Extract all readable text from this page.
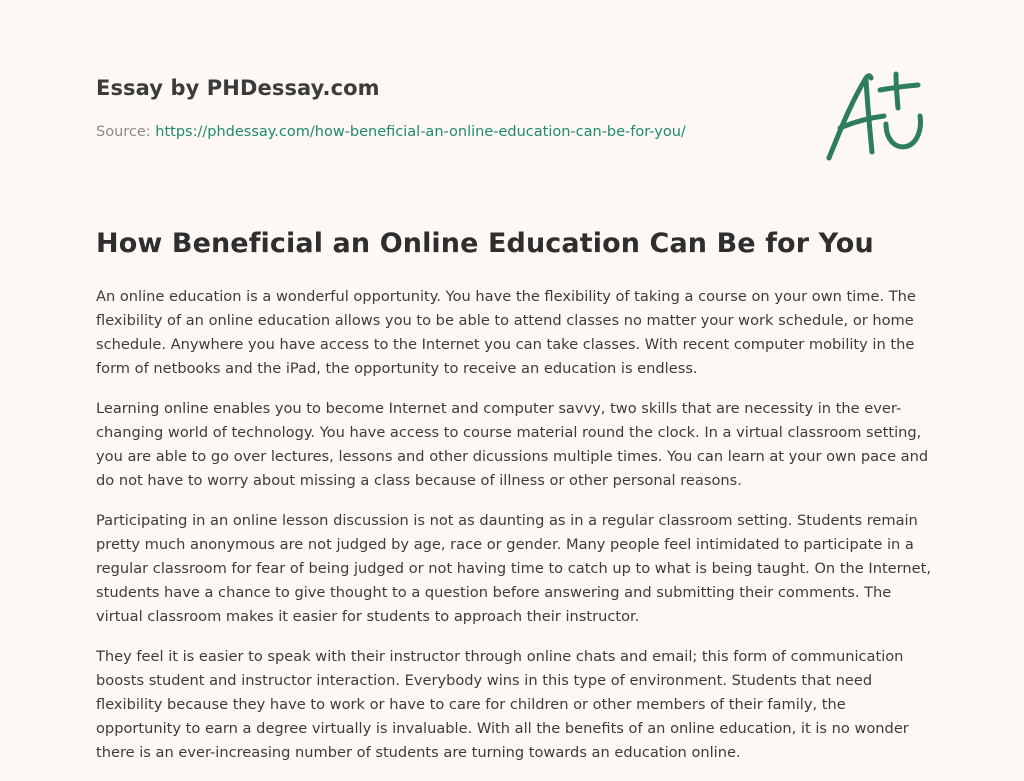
Essay by PHDessay.com
Source: https://phdessay.com/how-beneficial-an-online-education-can-be-for-you/
How Beneficial an Online Education Can Be for You

An online education is a wonderful opportunity. You have the flexibility of taking a course on your own time. The flexibility of an online education allows you to be able to attend classes no matter your work schedule, or home schedule. Anywhere you have access to the Internet you can take classes. With recent computer mobility in the form of netbooks and the iPad, the opportunity to receive an education is endless.

Learning online enables you to become Internet and computer savvy, two skills that are necessity in the ever-changing world of technology. You have access to course material round the clock. In a virtual classroom setting, you are able to go over lectures, lessons and other dicussions multiple times. You can learn at your own pace and do not have to worry about missing a class because of illness or other personal reasons.

Participating in an online lesson discussion is not as daunting as in a regular classroom setting. Students remain pretty much anonymous are not judged by age, race or gender. Many people feel intimidated to participate in a regular classroom for fear of being judged or not having time to catch up to what is being taught. On the Internet, students have a chance to give thought to a question before answering and submitting their comments. The virtual classroom makes it easier for students to approach their instructor.

They feel it is easier to speak with their instructor through online chats and email; this form of communication boosts student and instructor interaction. Everybody wins in this type of environment. Students that need flexibility because they have to work or have to care for children or other members of their family, the opportunity to earn a degree virtually is invaluable. With all the benefits of an online education, it is no wonder there is an ever-increasing number of students are turning towards an education online.
